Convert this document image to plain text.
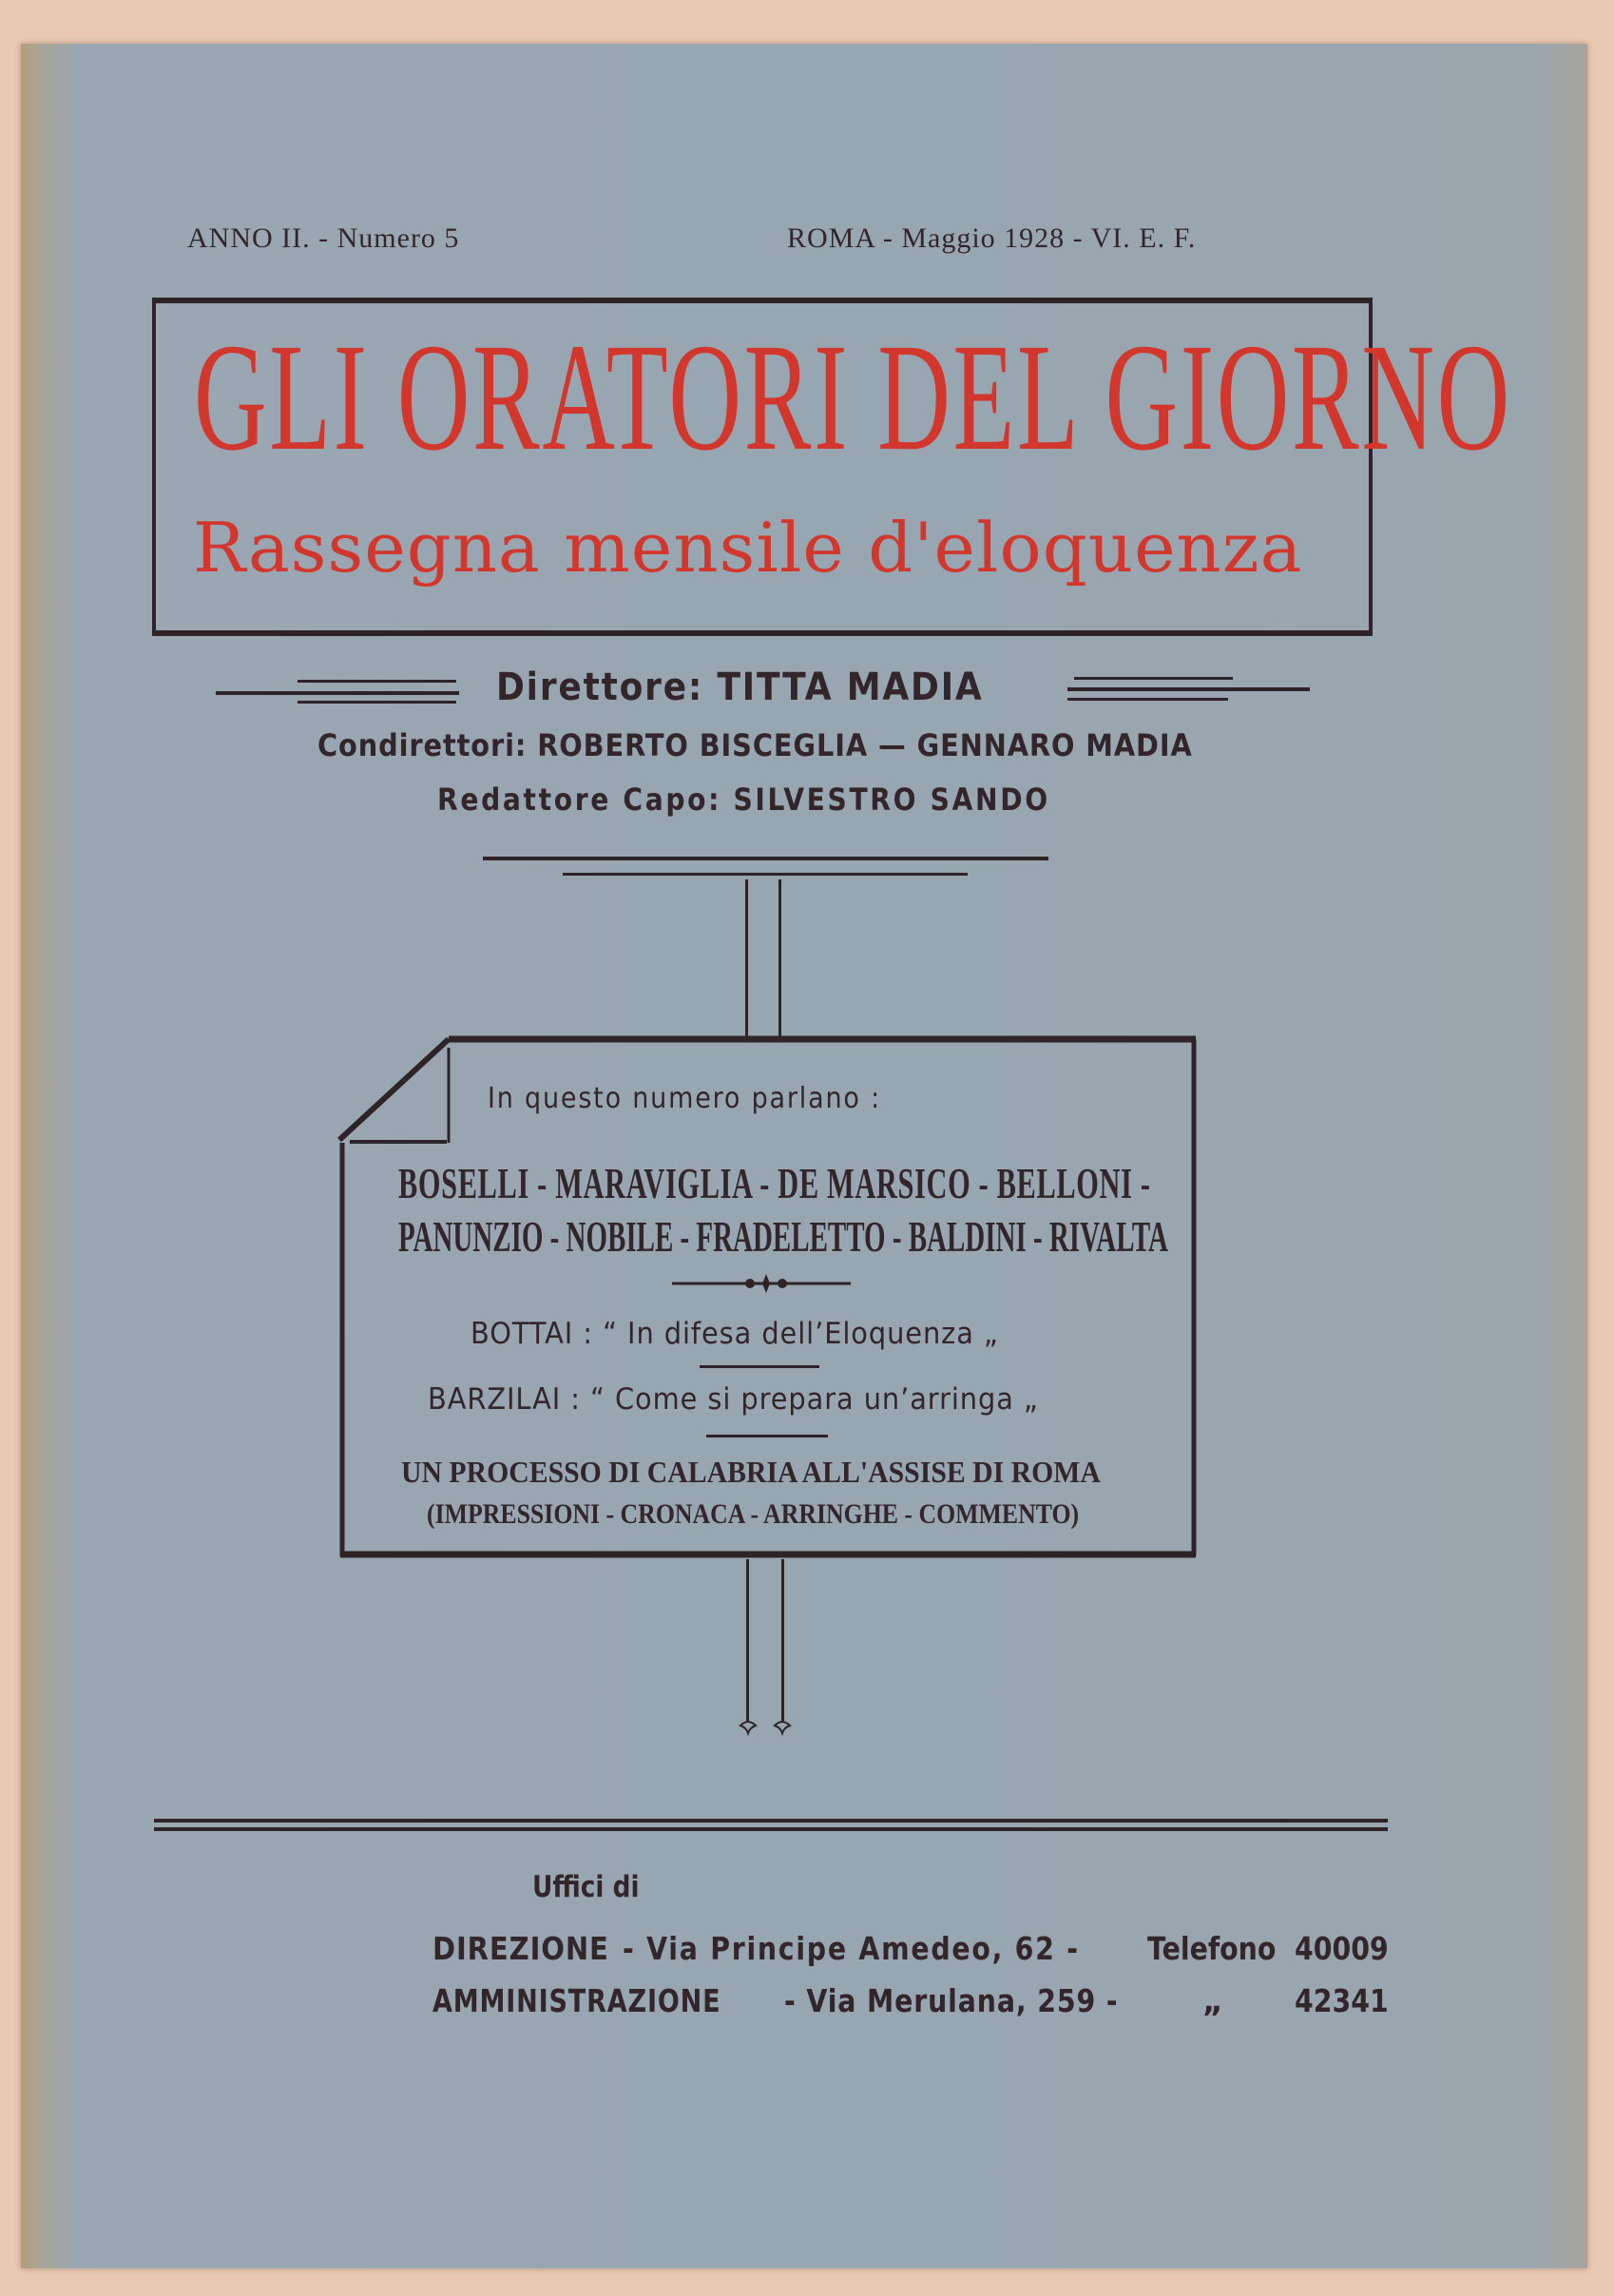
ANNO II. - Numero 5	ROMA - Maggio 1928 - VI. E. F.
GLI ORATORI DEL GIORNO
Rassegna mensile d'eloquenza
Direttore: TITTA MADIA
Condirettori: ROBERTO BISCEGLIA — GENNARO MADIA
Redattore Capo: SILVESTRO SANDO
In questo numero parlano :
BOSELLI - MARAVIGLIA - DE MARSICO - BELLONI -
PANUNZIO - NOBILE - FRADELETTO - BALDINI - RIVALTA
BOTTAI : “ In difesa dell’Eloquenza „
BARZILAI : “ Come si prepara un’arringa „
UN PROCESSO DI CALABRIA ALL'ASSISE DI ROMA
(IMPRESSIONI - CRONACA - ARRINGHE - COMMENTO)
Uffici di
DIREZIONE - Via Principe Amedeo, 62 -	Telefono 40009
AMMINISTRAZIONE	- Via Merulana, 259 -	„ 42341
